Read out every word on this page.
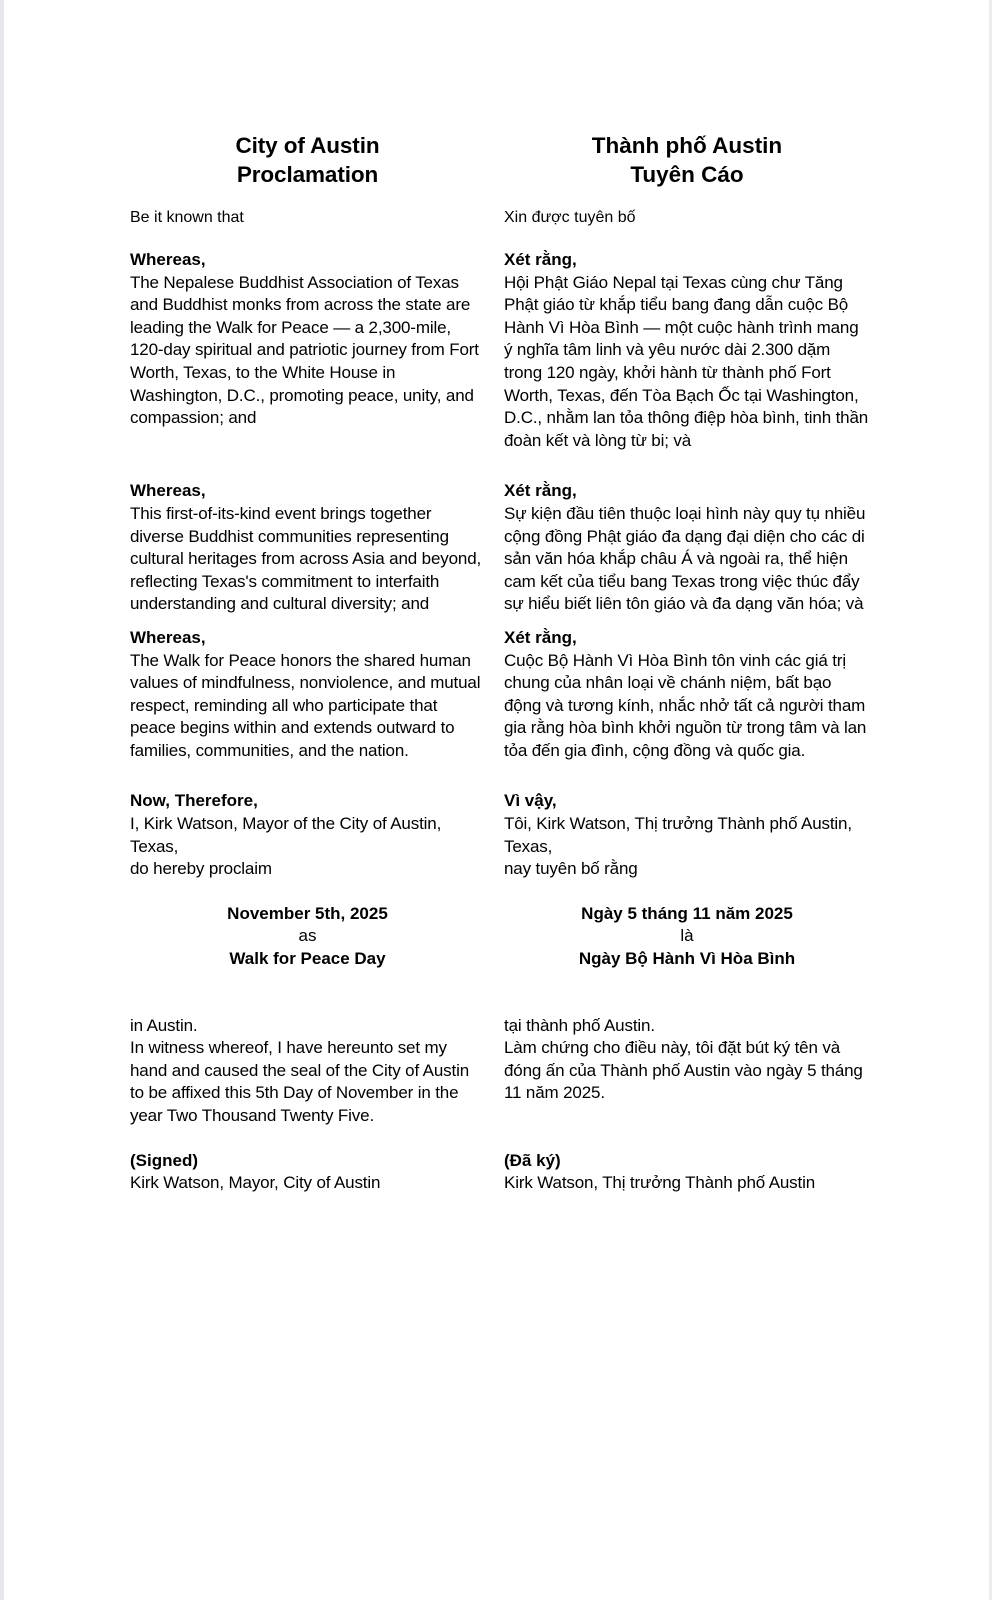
City of Austin
Proclamation
Thành phố Austin
Tuyên Cáo
Be it known that	Xin được tuyên bố

Whereas,
The Nepalese Buddhist Association of Texas and Buddhist monks from across the state are leading the Walk for Peace — a 2,300-mile, 120-day spiritual and patriotic journey from Fort Worth, Texas, to the White House in Washington, D.C., promoting peace, unity, and compassion; and

Xét rằng,
Hội Phật Giáo Nepal tại Texas cùng chư Tăng Phật giáo từ khắp tiểu bang đang dẫn cuộc Bộ Hành Vì Hòa Bình — một cuộc hành trình mang ý nghĩa tâm linh và yêu nước dài 2.300 dặm trong 120 ngày, khởi hành từ thành phố Fort Worth, Texas, đến Tòa Bạch Ốc tại Washington, D.C., nhằm lan tỏa thông điệp hòa bình, tinh thần đoàn kết và lòng từ bi; và

Whereas,
This first-of-its-kind event brings together diverse Buddhist communities representing cultural heritages from across Asia and beyond, reflecting Texas's commitment to interfaith understanding and cultural diversity; and

Xét rằng,
Sự kiện đầu tiên thuộc loại hình này quy tụ nhiều cộng đồng Phật giáo đa dạng đại diện cho các di sản văn hóa khắp châu Á và ngoài ra, thể hiện cam kết của tiểu bang Texas trong việc thúc đẩy sự hiểu biết liên tôn giáo và đa dạng văn hóa; và

Whereas,
The Walk for Peace honors the shared human values of mindfulness, nonviolence, and mutual respect, reminding all who participate that peace begins within and extends outward to families, communities, and the nation.

Xét rằng,
Cuộc Bộ Hành Vì Hòa Bình tôn vinh các giá trị chung của nhân loại về chánh niệm, bất bạo động và tương kính, nhắc nhở tất cả người tham gia rằng hòa bình khởi nguồn từ trong tâm và lan tỏa đến gia đình, cộng đồng và quốc gia.

Now, Therefore,
I, Kirk Watson, Mayor of the City of Austin, Texas,

do hereby proclaim

Vì vậy,
Tôi, Kirk Watson, Thị trưởng Thành phố Austin, Texas,

nay tuyên bố rằng
November 5th, 2025
as
Walk for Peace Day
Ngày 5 tháng 11 năm 2025
là
Ngày Bộ Hành Vì Hòa Bình
in Austin.
In witness whereof, I have hereunto set my hand and caused the seal of the City of Austin to be affixed this 5th Day of November in the year Two Thousand Twenty Five.
tại thành phố Austin.
Làm chứng cho điều này, tôi đặt bút ký tên và đóng ấn của Thành phố Austin vào ngày 5 tháng 11 năm 2025.
(Signed)
Kirk Watson, Mayor, City of Austin
(Đã ký)
Kirk Watson, Thị trưởng Thành phố Austin
